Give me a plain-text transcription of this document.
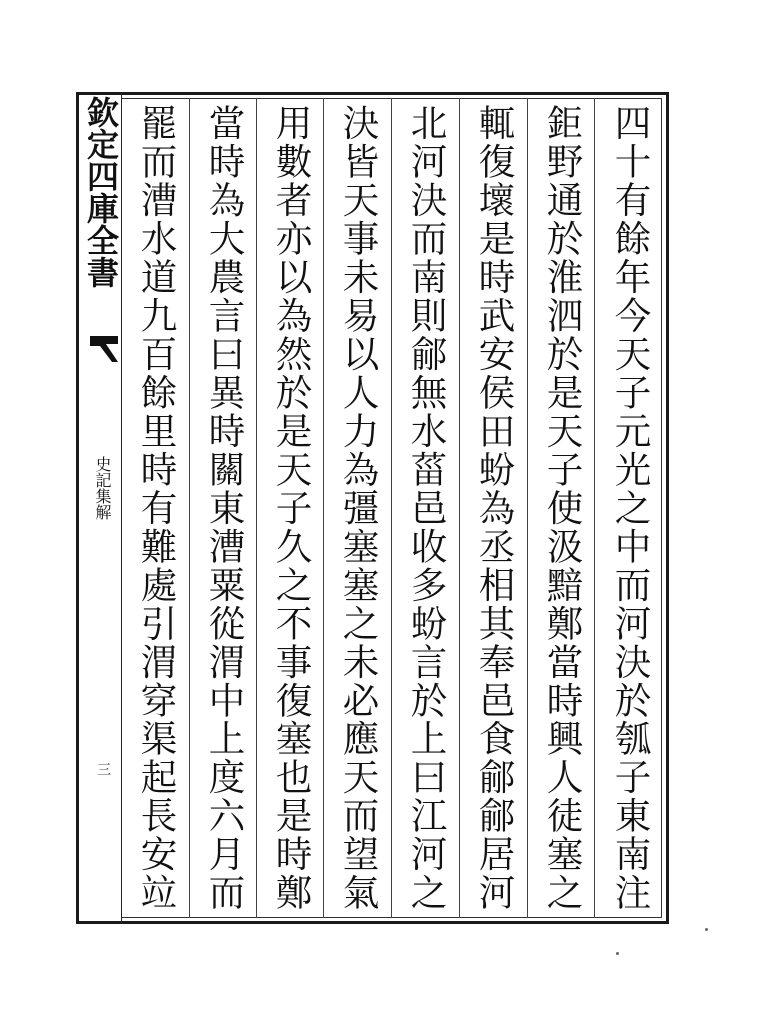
欽定四庫全書
史記集解
三	四十有餘年今天子元光之中而河決於瓠子東南注
鉅野通於淮泗於是天子使汲黯鄭當時興人徒塞之
輒復壞是時武安侯田蚡為丞相其奉邑食鄃鄃居河
北河決而南則鄃無水菑邑收多蚡言於上曰江河之
決皆天事未易以人力為彊塞塞之未必應天而望氣
用數者亦以為然於是天子久之不事復塞也是時鄭
當時為大農言曰異時關東漕粟從渭中上度六月而
罷而漕水道九百餘里時有難處引渭穿渠起長安竝
